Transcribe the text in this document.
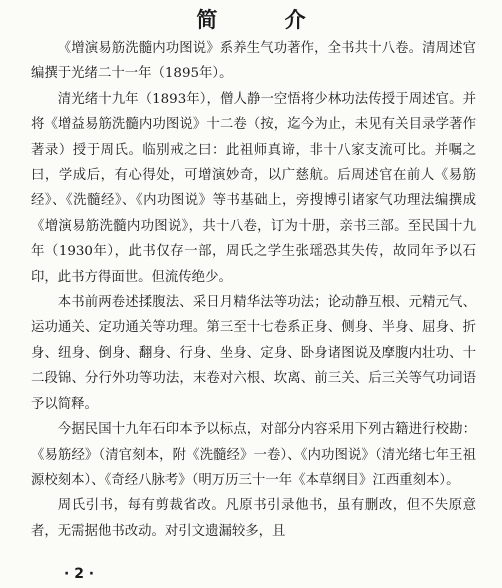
简 介

《增演易筋洗髓内功图说》系养生气功著作，全书共十八卷。清周述官编撰于光绪二十一年（1895年）。

清光绪十九年（1893年），僧人静一空悟将少林功法传授于周述官。并将《增益易筋洗髓内功图说》十二卷（按，迄今为止，未见有关目录学著作著录）授于周氏。临别戒之曰：此祖师真谛，非十八家支流可比。并嘱之曰，学成后，有心得处，可增演妙奇，以广慈航。后周述官在前人《易筋经》、《洗髓经》、《内功图说》等书基础上，旁搜博引诸家气功理法编撰成《增演易筋洗髓内功图说》，共十八卷，订为十册，亲书三部。至民国十九年（1930年），此书仅存一部，周氏之学生张瑶恐其失传，故同年予以石印，此书方得面世。但流传绝少。

本书前两卷述揉腹法、采日月精华法等功法；论动静互根、元精元气、运功通关、定功通关等功理。第三至十七卷系正身、侧身、半身、屈身、折身、纽身、倒身、翻身、行身、坐身、定身、卧身诸图说及摩腹内壮功、十二段锦、分行外功等功法，末卷对六根、坎离、前三关、后三关等气功词语予以简释。

今据民国十九年石印本予以标点，对部分内容采用下列古籍进行校勘：《易筋经》（清官刻本，附《洗髓经》一卷）、《内功图说》（清光绪七年王祖源校刻本）、《奇经八脉考》（明万历三十一年《本草纲目》江西重刻本）。

周氏引书，每有剪裁省改。凡原书引录他书，虽有删改，但不失原意者，无需据他书改动。对引文遗漏较多，且

· 2 ·
